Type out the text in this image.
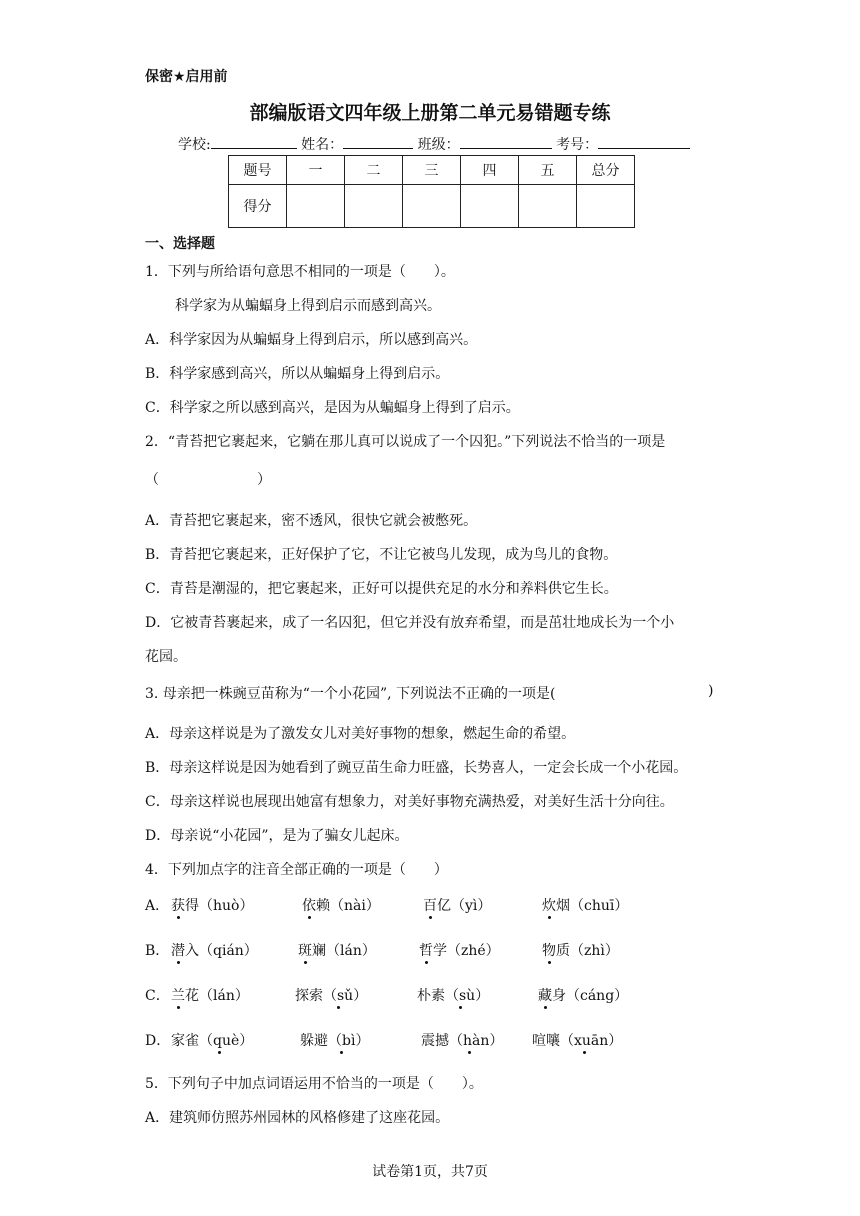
保密★启用前
部编版语文四年级上册第二单元易错题专练
学校:	姓名：	班级：	考号：
题号	一	二	三	四	五	总分
得分						
一、选择题
1．下列与所给语句意思不相同的一项是（　　）。
科学家为从蝙蝠身上得到启示而感到高兴。
A．科学家因为从蝙蝠身上得到启示，所以感到高兴。
B．科学家感到高兴，所以从蝙蝠身上得到启示。
C．科学家之所以感到高兴，是因为从蝙蝠身上得到了启示。
2．“青苔把它裹起来，它躺在那儿真可以说成了一个囚犯。”下列说法不恰当的一项是
（　　　　　　　）
A．青苔把它裹起来，密不透风，很快它就会被憋死。
B．青苔把它裹起来，正好保护了它，不让它被鸟儿发现，成为鸟儿的食物。
C．青苔是潮湿的，把它裹起来，正好可以提供充足的水分和养料供它生长。
D．它被青苔裹起来，成了一名囚犯，但它并没有放弃希望，而是茁壮地成长为一个小
花园。
3. 母亲把一株豌豆苗称为“一个小花园”, 下列说法不正确的一项是(	)
A．母亲这样说是为了激发女儿对美好事物的想象，燃起生命的希望。
B．母亲这样说是因为她看到了豌豆苗生命力旺盛，长势喜人，一定会长成一个小花园。
C．母亲这样说也展现出她富有想象力，对美好事物充满热爱，对美好生活十分向往。
D．母亲说“小花园”，是为了骗女儿起床。
4．下列加点字的注音全部正确的一项是（　　）
A． 获得（huò）	依赖（nài）	百亿（yì）	炊烟（chuī）
B． 潜入（qián）	斑斓（lán）	哲学（zhé）	物质（zhì）
C． 兰花（lán）	探索（sǔ）	朴素（sù）	藏身（cáng）
D． 家雀（què）	躲避（bì）	震撼（hàn） 喧嚷（xuān）
5．下列句子中加点词语运用不恰当的一项是（　　）。
A．建筑师仿照苏州园林的风格修建了这座花园。
试卷第1页，共7页
